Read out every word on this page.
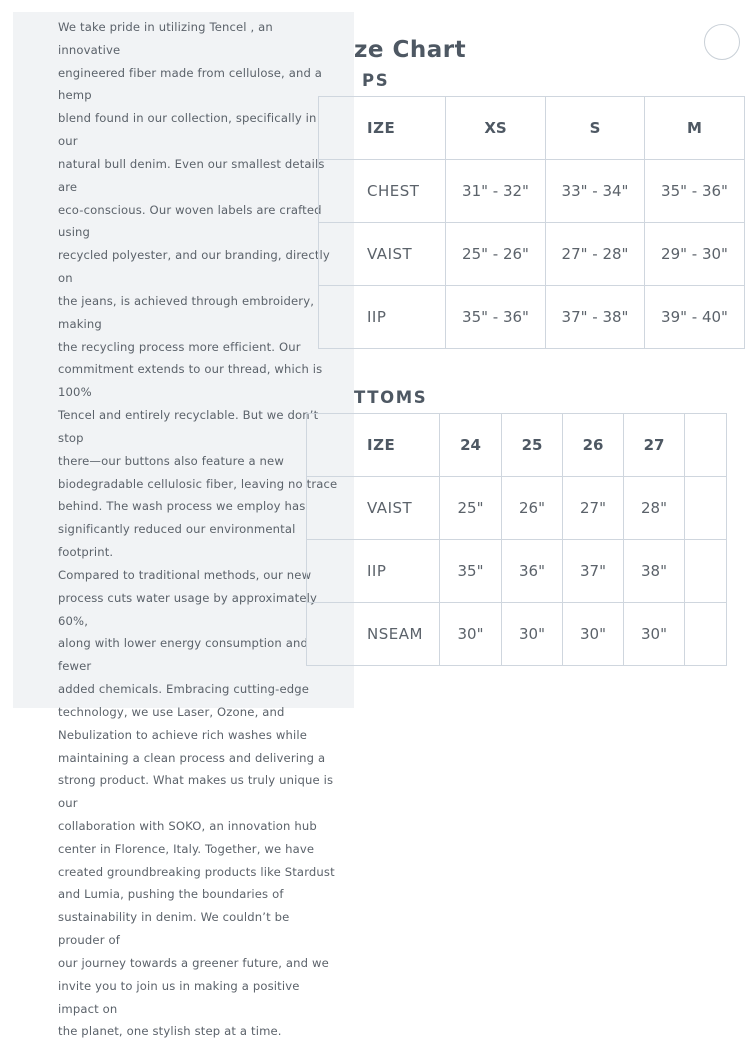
We take pride in utilizing Tencel , an innovative
engineered fiber made from cellulose, and a hemp
blend found in our collection, specifically in our
natural bull denim. Even our smallest details are
eco-conscious. Our woven labels are crafted using
recycled polyester, and our branding, directly on
the jeans, is achieved through embroidery, making
the recycling process more efficient. Our
commitment extends to our thread, which is 100%
Tencel and entirely recyclable. But we don’t stop
there—our buttons also feature a new
biodegradable cellulosic fiber, leaving no trace
behind. The wash process we employ has
significantly reduced our environmental footprint.
Compared to traditional methods, our new
process cuts water usage by approximately 60%,
along with lower energy consumption and fewer
added chemicals. Embracing cutting-edge
technology, we use Laser, Ozone, and
Nebulization to achieve rich washes while
maintaining a clean process and delivering a
strong product. What makes us truly unique is our
collaboration with SOKO, an innovation hub
center in Florence, Italy. Together, we have
created groundbreaking products like Stardust
and Lumia, pushing the boundaries of
sustainability in denim. We couldn’t be prouder of
our journey towards a greener future, and we
invite you to join us in making a positive impact on
the planet, one stylish step at a time.

ze Chart
PS
IZE	XS	S	M
CHEST	31" - 32"	33" - 34"	35" - 36"
VAIST	25" - 26"	27" - 28"	29" - 30"
IIP	35" - 36"	37" - 38"	39" - 40"
TTOMS
IZE	24	25	26	27	
VAIST	25"	26"	27"	28"	
IIP	35"	36"	37"	38"	
NSEAM	30"	30"	30"	30"	
